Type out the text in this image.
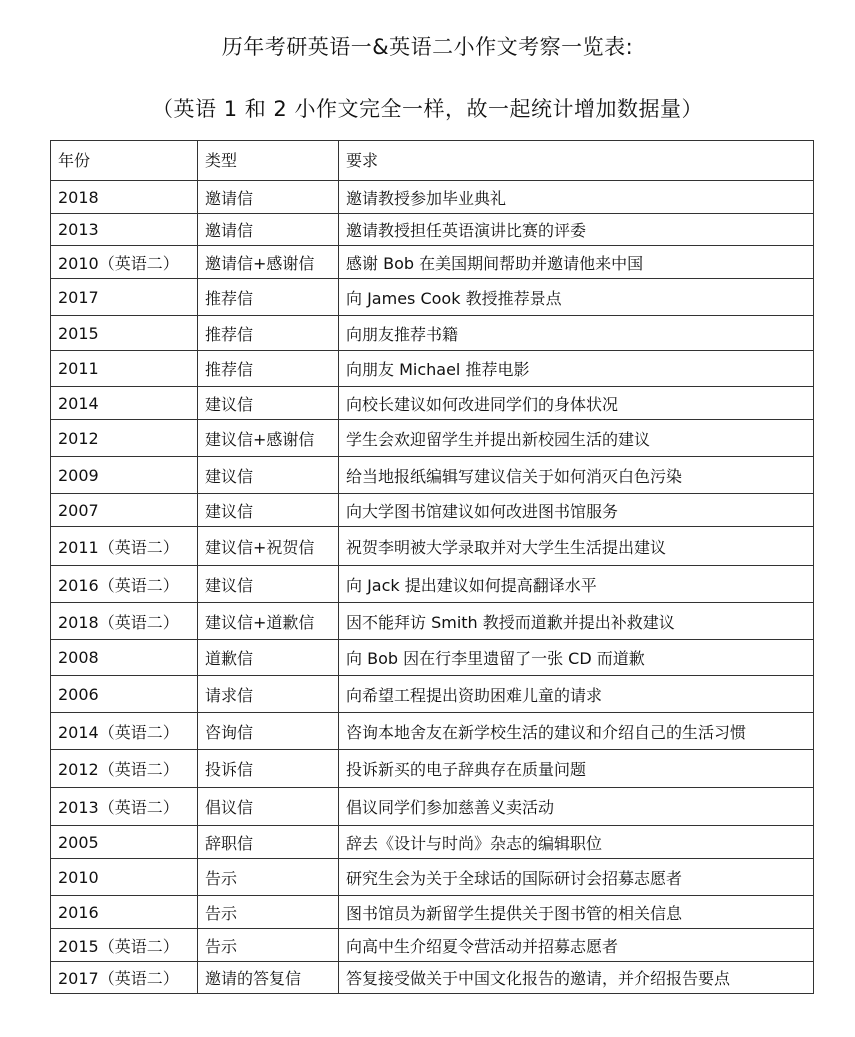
历年考研英语一&英语二小作文考察一览表:
（英语 1 和 2 小作文完全一样，故一起统计增加数据量）
年份	类型	要求
2018	邀请信	邀请教授参加毕业典礼
2013	邀请信	邀请教授担任英语演讲比赛的评委
2010（英语二）	邀请信+感谢信	感谢 Bob 在美国期间帮助并邀请他来中国
2017	推荐信	向 James Cook 教授推荐景点
2015	推荐信	向朋友推荐书籍
2011	推荐信	向朋友 Michael 推荐电影
2014	建议信	向校长建议如何改进同学们的身体状况
2012	建议信+感谢信	学生会欢迎留学生并提出新校园生活的建议
2009	建议信	给当地报纸编辑写建议信关于如何消灭白色污染
2007	建议信	向大学图书馆建议如何改进图书馆服务
2011（英语二）	建议信+祝贺信	祝贺李明被大学录取并对大学生生活提出建议
2016（英语二）	建议信	向 Jack 提出建议如何提高翻译水平
2018（英语二）	建议信+道歉信	因不能拜访 Smith 教授而道歉并提出补救建议
2008	道歉信	向 Bob 因在行李里遗留了一张 CD 而道歉
2006	请求信	向希望工程提出资助困难儿童的请求
2014（英语二）	咨询信	咨询本地舍友在新学校生活的建议和介绍自己的生活习惯
2012（英语二）	投诉信	投诉新买的电子辞典存在质量问题
2013（英语二）	倡议信	倡议同学们参加慈善义卖活动
2005	辞职信	辞去《设计与时尚》杂志的编辑职位
2010	告示	研究生会为关于全球话的国际研讨会招募志愿者
2016	告示	图书馆员为新留学生提供关于图书管的相关信息
2015（英语二）	告示	向高中生介绍夏令营活动并招募志愿者
2017（英语二）	邀请的答复信	答复接受做关于中国文化报告的邀请，并介绍报告要点
